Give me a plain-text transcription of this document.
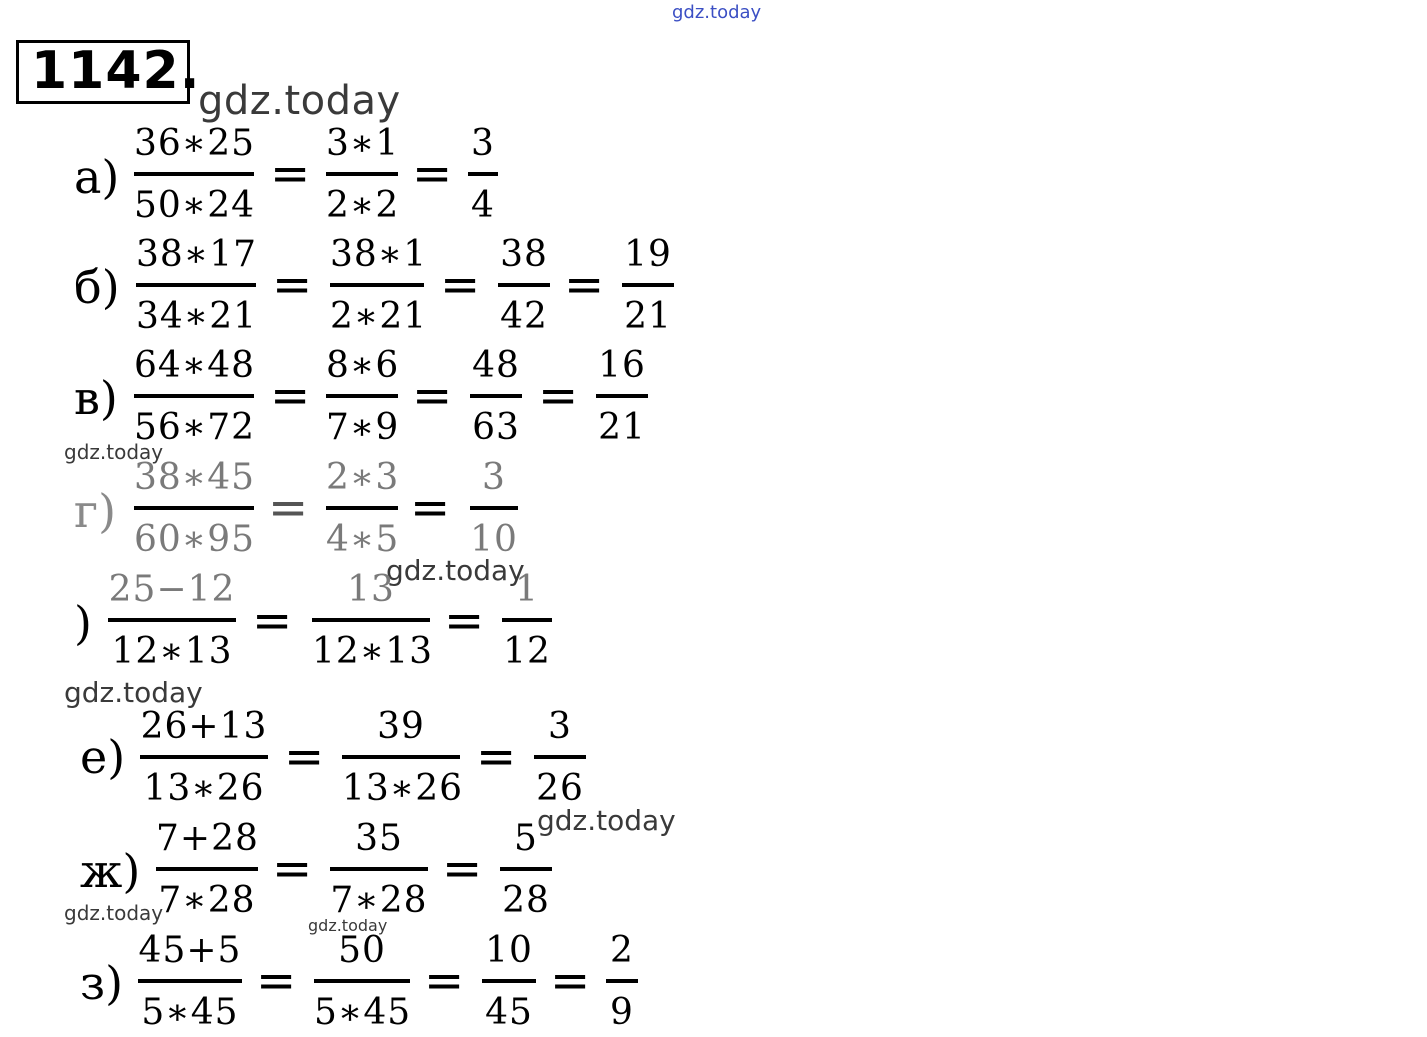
1142.
gdz.today
gdz.today
gdz.today
gdz.today
gdz.today
gdz.today
gdz.today
gdz.today
а)
36∗25
50∗24
=
3∗1
2∗2
=
3
4
б)
38∗17
34∗21
=
38∗1
2∗21
=
38
42
=
19
21
в)
64∗48
56∗72
=
8∗6
7∗9
=
48
63
=
16
21
г)
38∗45
60∗95
=
2∗3
4∗5
=
3
10
)
25−12
12∗13
=
13
12∗13
=
1
12
е)
26+13
13∗26
=
39
13∗26
=
3
26
ж)
7+28
7∗28
=
35
7∗28
=
5
28
з)
45+5
5∗45
=
50
5∗45
=
10
45
=
2
9
